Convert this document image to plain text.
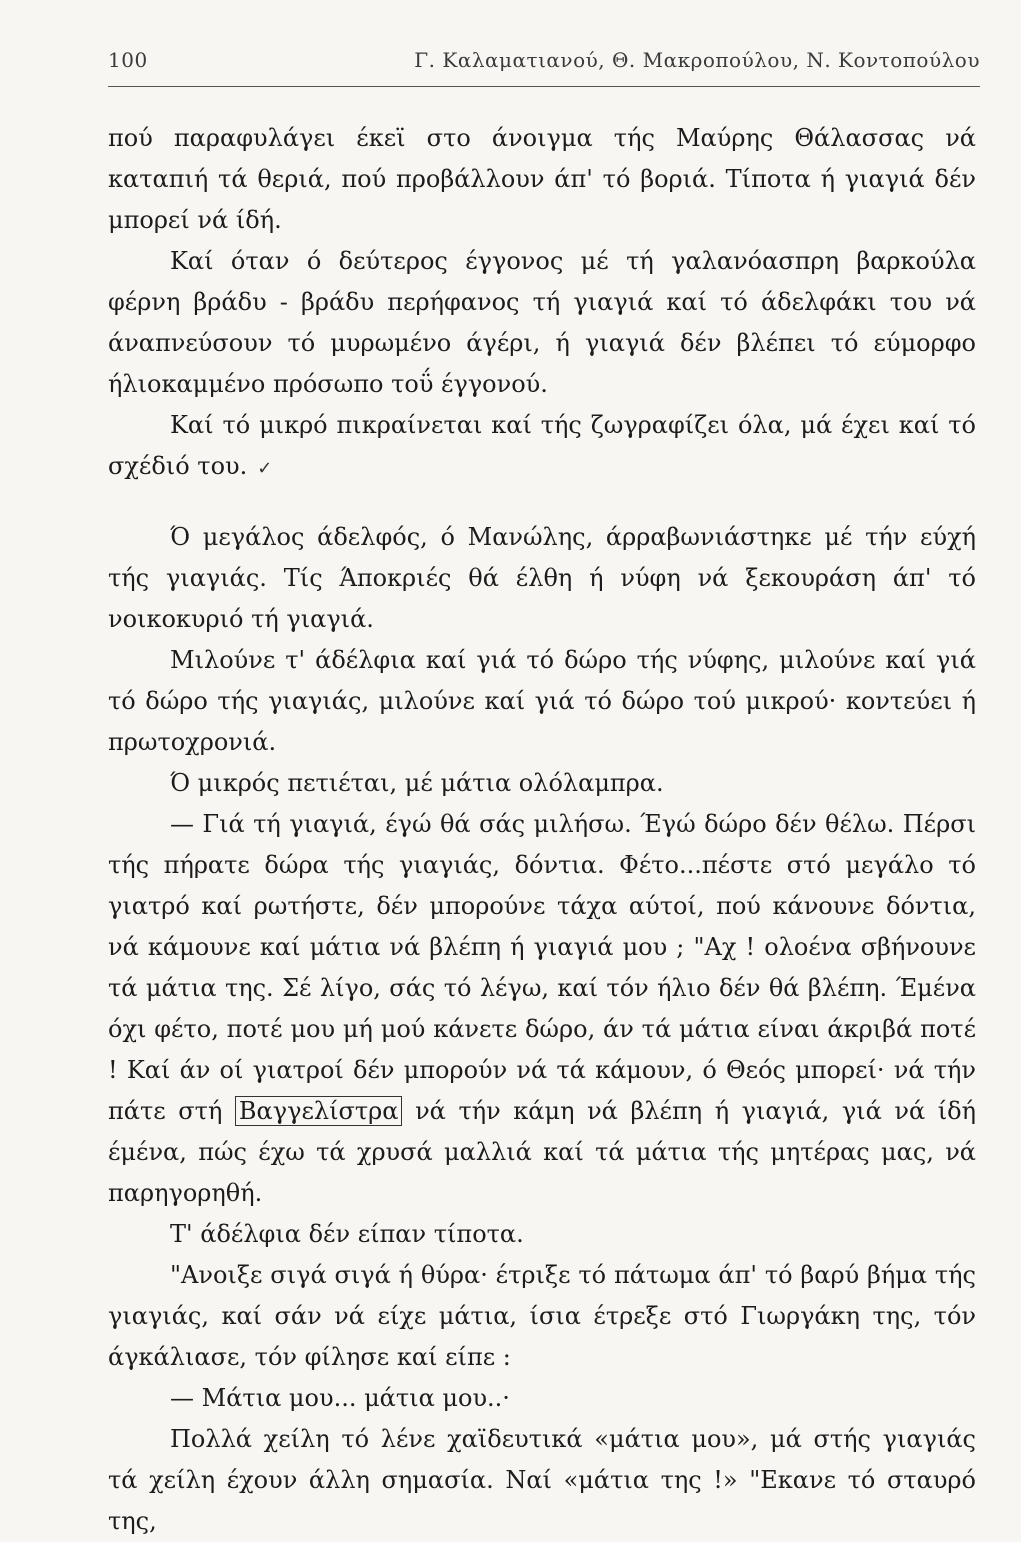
100	Γ. Καλαματιανού, Θ. Μακροπούλου, Ν. Κοντοπούλου

πού παραφυλάγει έκεϊ στο άνοιγμα τής Μαύρης Θάλασσας νά καταπιή τά θεριά, πού προβάλλουν άπ' τό βοριά. Τίποτα ή γιαγιά δέν μπορεί νά ίδή.

Καί όταν ό δεύτερος έγγονος μέ τή γαλανόασπρη βαρκούλα φέρνη βράδυ - βράδυ περήφανος τή γιαγιά καί τό άδελφάκι του νά άναπνεύσουν τό μυρωμένο άγέρι, ή γιαγιά δέν βλέπει τό εύμορφο ήλιοκαμμένο πρόσωπο τοΰ έγγονού.

Καί τό μικρό πικραίνεται καί τής ζωγραφίζει όλα, μά έχει καί τό σχέδιό του. ✓

Ό μεγάλος άδελφός, ό Μανώλης, άρραβωνιάστηκε μέ τήν εύχή τής γιαγιάς. Τίς Άποκριές θά έλθη ή νύφη νά ξεκουράση άπ' τό νοικοκυριό τή γιαγιά.

Μιλούνε τ' άδέλφια καί γιά τό δώρο τής νύφης, μιλούνε καί γιά τό δώρο τής γιαγιάς, μιλούνε καί γιά τό δώρο τού μικρού· κοντεύει ή πρωτοχρονιά.

Ό μικρός πετιέται, μέ μάτια ολόλαμπρα.

— Γιά τή γιαγιά, έγώ θά σάς μιλήσω. Έγώ δώρο δέν θέλω. Πέρσι τής πήρατε δώρα τής γιαγιάς, δόντια. Φέτο...πέστε στό μεγάλο τό γιατρό καί ρωτήστε, δέν μπορούνε τάχα αύτοί, πού κάνουνε δόντια, νά κάμουνε καί μάτια νά βλέπη ή γιαγιά μου ; "Αχ ! ολοένα σβήνουνε τά μάτια της. Σέ λίγο, σάς τό λέγω, καί τόν ήλιο δέν θά βλέπη. Έμένα όχι φέτο, ποτέ μου μή μού κάνετε δώρο, άν τά μάτια είναι άκριβά ποτέ ! Καί άν οί γιατροί δέν μπορούν νά τά κάμουν, ό Θεός μπορεί· νά τήν πάτε στή Βαγγελίστρα νά τήν κάμη νά βλέπη ή γιαγιά, γιά νά ίδή έμένα, πώς έχω τά χρυσά μαλλιά καί τά μάτια τής μητέρας μας, νά παρηγορηθή.

Τ' άδέλφια δέν είπαν τίποτα.

"Ανοιξε σιγά σιγά ή θύρα· έτριξε τό πάτωμα άπ' τό βαρύ βήμα τής γιαγιάς, καί σάν νά είχε μάτια, ίσια έτρεξε στό Γιωργάκη της, τόν άγκάλιασε, τόν φίλησε καί είπε :

— Μάτια μου... μάτια μου..·

Πολλά χείλη τό λένε χαϊδευτικά «μάτια μου», μά στής γιαγιάς τά χείλη έχουν άλλη σημασία. Ναί «μάτια της !» "Εκανε τό σταυρό της,
